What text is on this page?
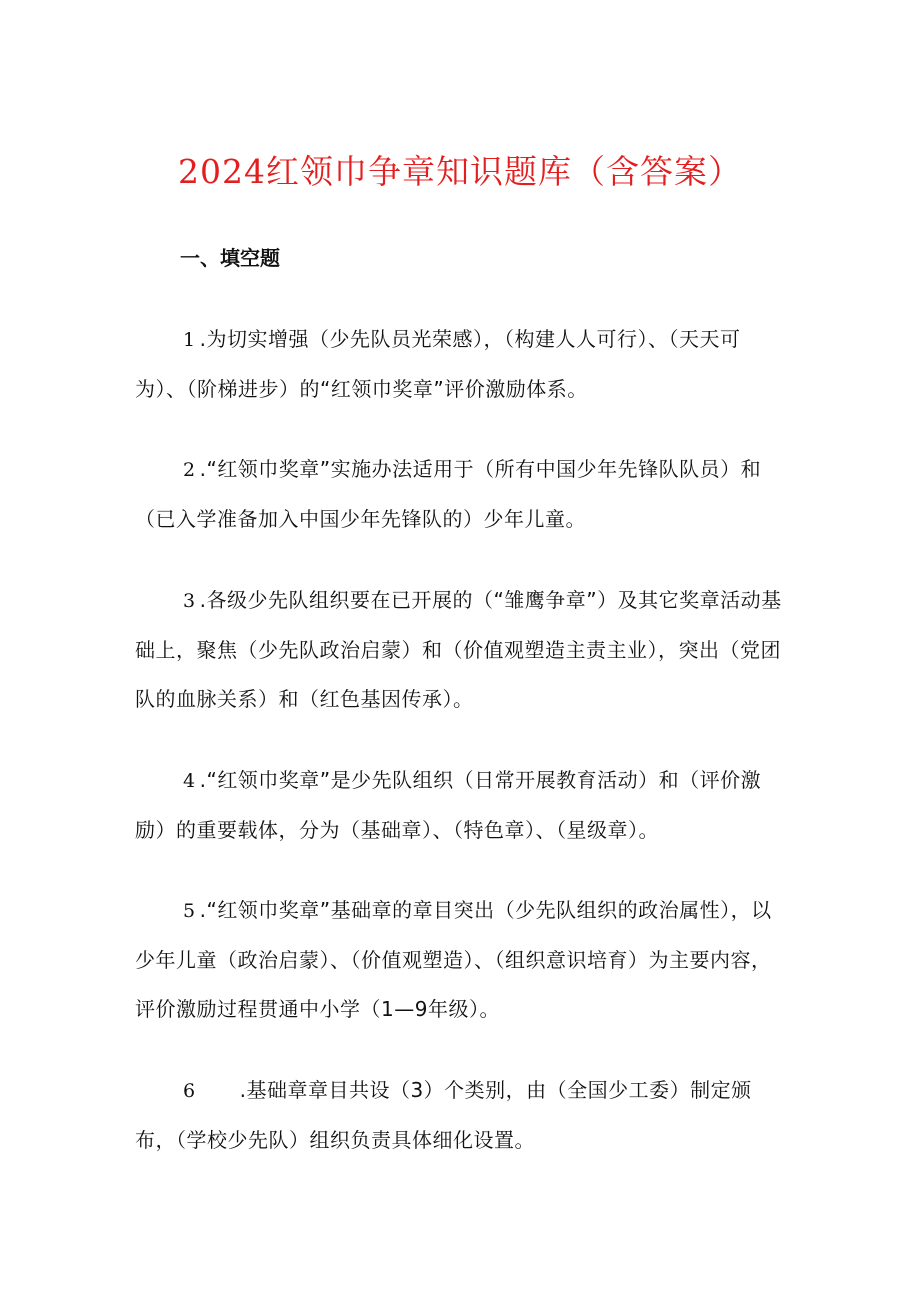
2024红领巾争章知识题库（含答案）
一、填空题

1 .为切实增强（少先队员光荣感），（构建人人可行）、（天天可为）、（阶梯进步）的“红领巾奖章”评价激励体系。

2 .“红领巾奖章”实施办法适用于（所有中国少年先锋队队员）和（已入学准备加入中国少年先锋队的）少年儿童。

3 .各级少先队组织要在已开展的（“雏鹰争章”）及其它奖章活动基础上，聚焦（少先队政治启蒙）和（价值观塑造主责主业），突出（党团队的血脉关系）和（红色基因传承）。

4 .“红领巾奖章”是少先队组织（日常开展教育活动）和（评价激励）的重要载体，分为（基础章）、（特色章）、（星级章）。

5 .“红领巾奖章”基础章的章目突出（少先队组织的政治属性），以少年儿童（政治启蒙）、（价值观塑造）、（组织意识培育）为主要内容，评价激励过程贯通中小学（1—9年级）。

6 .基础章章目共设（3）个类别，由（全国少工委）制定颁布，（学校少先队）组织负责具体细化设置。
